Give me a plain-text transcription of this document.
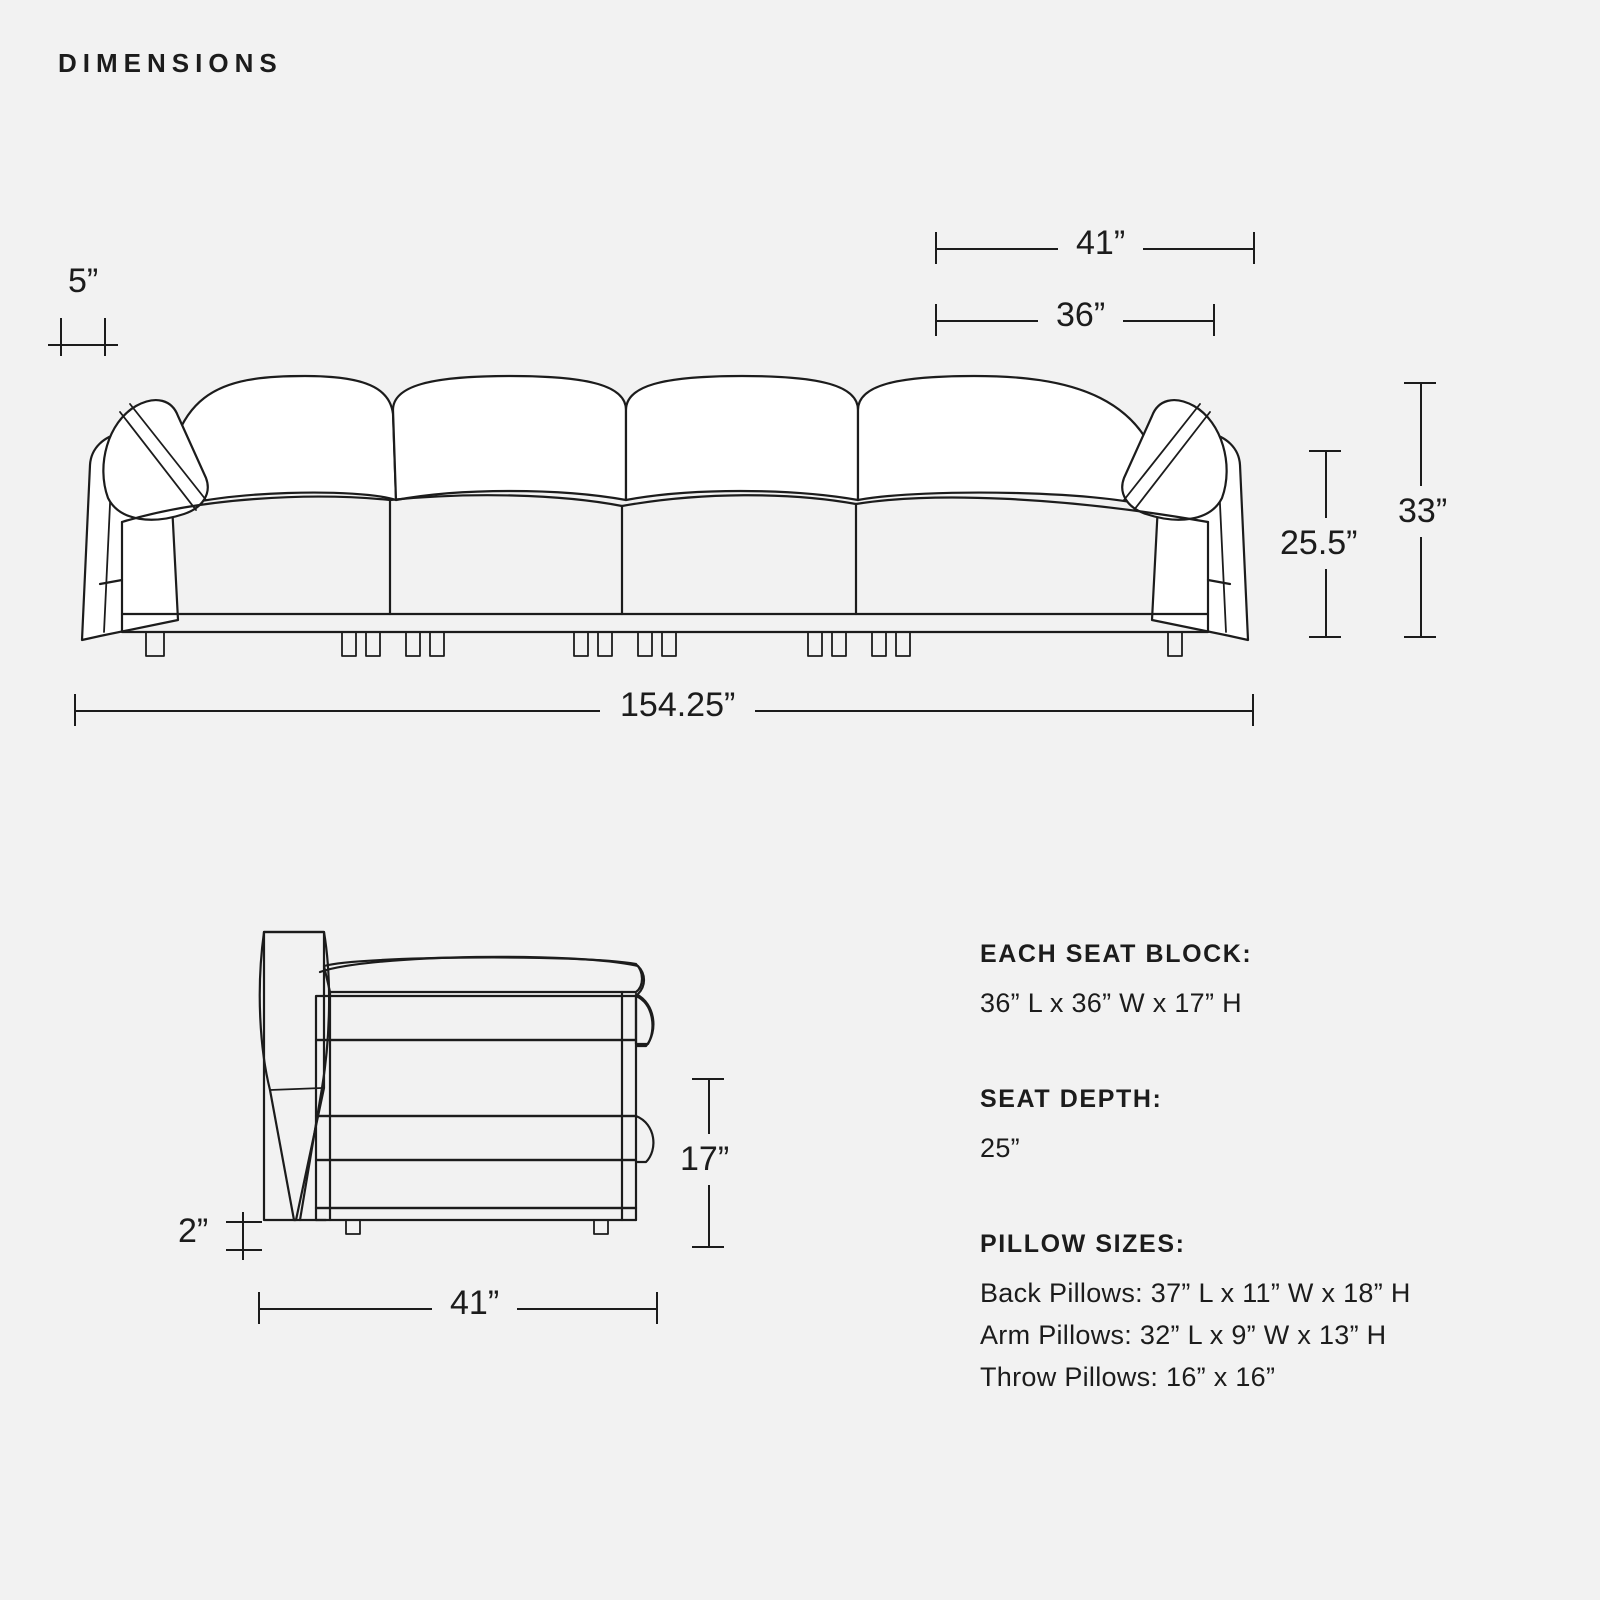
DIMENSIONS
5”
41”
36”
25.5”
33”
154.25”
17”
2”
41”
EACH SEAT BLOCK:
36” L x 36” W x 17” H
SEAT DEPTH:
25”
PILLOW SIZES:
Back Pillows: 37” L x 11” W x 18” H
Arm Pillows: 32” L x 9” W x 13” H
Throw Pillows: 16” x 16”
